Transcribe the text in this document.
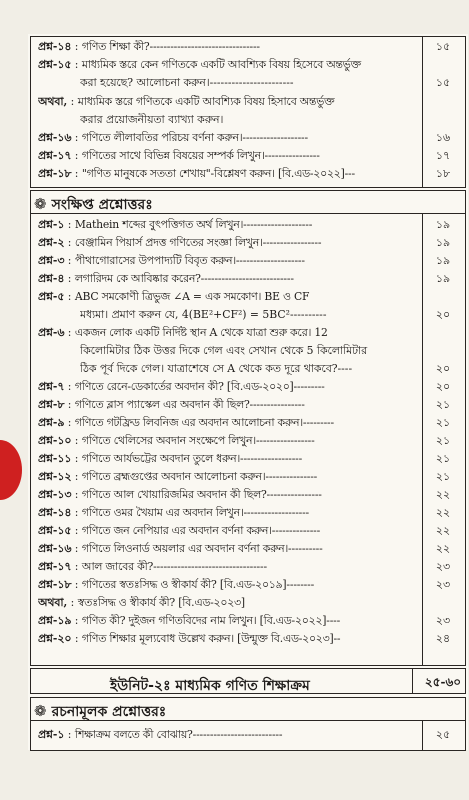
প্রশ্ন-১৪ : গণিত শিক্ষা কী?--------------------------------	১৫
প্রশ্ন-১৫ : মাধ্যমিক স্তরে কেন গণিতকে একটি আবশ্যিক বিষয় হিসেবে অন্তর্ভুক্ত
করা হয়েছে? আলোচনা করুন।-----------------------	১৫
অথবা, : মাধ্যমিক স্তরে গণিতকে একটি আবশ্যিক বিষয় হিসাবে অন্তর্ভুক্ত
করার প্রয়োজনীয়তা ব্যাখ্যা করুন।
প্রশ্ন-১৬ : গণিতে লীলাবতির পরিচয় বর্ণনা করুন।-------------------	১৬
প্রশ্ন-১৭ : গণিতের সাথে বিভিন্ন বিষয়ের সম্পর্ক লিখুন।----------------	১৭
প্রশ্ন-১৮ : "গণিত মানুষকে সততা শেখায়"-বিশ্লেষণ করুন। [বি.এড-২০২২]---	১৮
❁ সংক্ষিপ্ত প্রশ্নোত্তরঃ
প্রশ্ন-১ : Mathein শব্দের বুৎপত্তিগত অর্থ লিখুন।--------------------	১৯
প্রশ্ন-২ : বেঞ্জামিন পিয়ার্স প্রদত্ত গণিতের সংজ্ঞা লিখুন।-----------------	১৯
প্রশ্ন-৩ : পীথাগোরাসের উপপাদ্যটি বিবৃত করুন।--------------------	১৯
প্রশ্ন-৪ : লগারিদম কে আবিষ্কার করেন?---------------------------	১৯
প্রশ্ন-৫ : ABC সমকোণী ত্রিভুজ ∠A = এক সমকোণ। BE ও CF
মধ্যমা। প্রমাণ করুন যে, 4(BE²+CF²) = 5BC²----------	২০
প্রশ্ন-৬ : একজন লোক একটি নির্দিষ্ট স্থান A থেকে যাত্রা শুরু করে। 12
কিলোমিটার ঠিক উত্তর দিকে গেল এবং সেখান থেকে 5 কিলোমিটার
ঠিক পূর্ব দিকে গেল। যাত্রাশেষে সে A থেকে কত দূরে থাকবে?----	২০
প্রশ্ন-৭ : গণিতে রেনে-ডেকার্তের অবদান কী? [বি.এড-২০২০]---------	২০
প্রশ্ন-৮ : গণিতে ব্লাস প্যাস্কেল এর অবদান কী ছিল?----------------	২১
প্রশ্ন-৯ : গণিতে গটফ্রিড লিবনিজ এর অবদান আলোচনা করুন।---------	২১
প্রশ্ন-১০ : গণিতে থেলিসের অবদান সংক্ষেপে লিখুন।-----------------	২১
প্রশ্ন-১১ : গণিতে আর্যভট্টের অবদান তুলে ধরুন।------------------	২১
প্রশ্ন-১২ : গণিতে ব্রহ্মগুপ্তের অবদান আলোচনা করুন।---------------	২১
প্রশ্ন-১৩ : গণিতে আল খোয়ারিজমির অবদান কী ছিল?----------------	২২
প্রশ্ন-১৪ : গণিতে ওমর খৈয়াম এর অবদান লিখুন।-------------------	২২
প্রশ্ন-১৫ : গণিতে জন নেপিয়ার এর অবদান বর্ণনা করুন।--------------	২২
প্রশ্ন-১৬ : গণিতে লিওনার্ড অয়লার এর অবদান বর্ণনা করুন।----------	২২
প্রশ্ন-১৭ : আল জাবের কী?---------------------------------	২৩
প্রশ্ন-১৮ : গণিতের স্বতঃসিদ্ধ ও স্বীকার্য কী? [বি.এড-২০১৯]--------	২৩
অথবা, : স্বতঃসিদ্ধ ও স্বীকার্য কী? [বি.এড-২০২৩]
প্রশ্ন-১৯ : গণিত কী? দুইজন গণিতবিদের নাম লিখুন। [বি.এড-২০২২]----	২৩
প্রশ্ন-২০ : গণিত শিক্ষার মূল্যবোধ উল্লেখ করুন। [উন্মুক্ত বি.এড-২০২৩]--	২৪
ইউনিট-২ঃ মাধ্যমিক গণিত শিক্ষাক্রম	২৫-৬০
❁ রচনামূলক প্রশ্নোত্তরঃ
প্রশ্ন-১ : শিক্ষাক্রম বলতে কী বোঝায়?--------------------------	২৫
